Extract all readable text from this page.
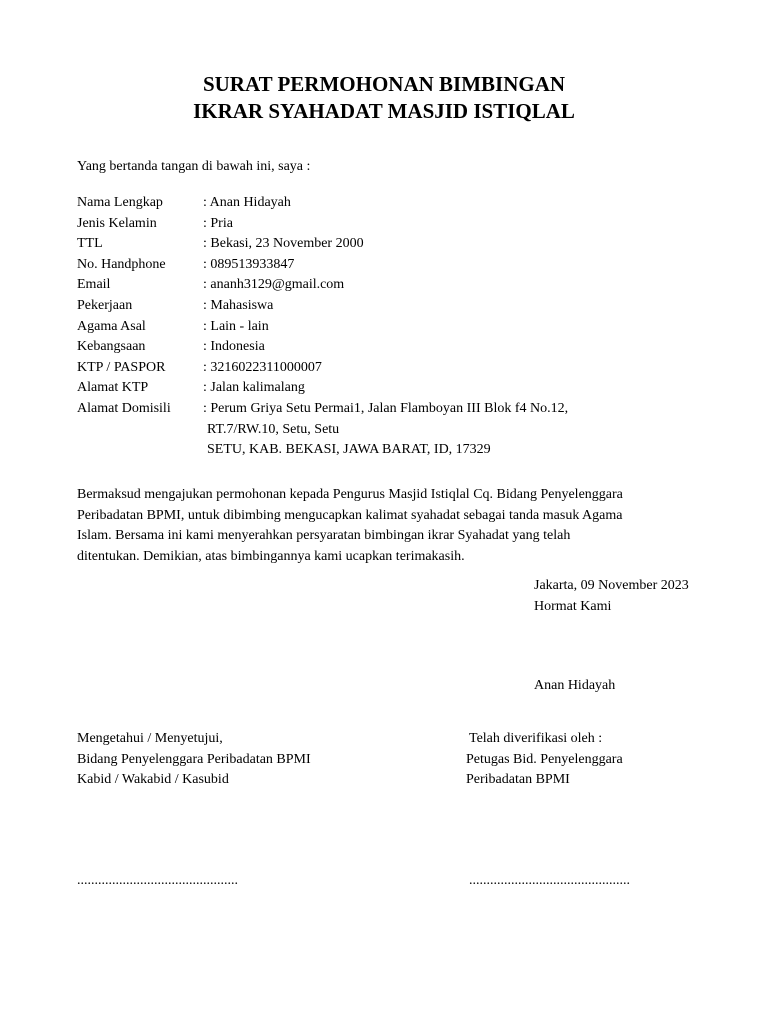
SURAT PERMOHONAN BIMBINGAN
IKRAR SYAHADAT MASJID ISTIQLAL

Yang bertanda tangan di bawah ini, saya :

Nama Lengkap	: Anan Hidayah
Jenis Kelamin	: Pria
TTL	: Bekasi, 23 November 2000
No. Handphone	: 089513933847
Email	: ananh3129@gmail.com
Pekerjaan	: Mahasiswa
Agama Asal	: Lain - lain
Kebangsaan	: Indonesia
KTP / PASPOR	: 3216022311000007
Alamat KTP	: Jalan kalimalang
Alamat Domisili	: Perum Griya Setu Permai1, Jalan Flamboyan III Blok f4 No.12,
RT.7/RW.10, Setu, Setu
SETU, KAB. BEKASI, JAWA BARAT, ID, 17329

Bermaksud mengajukan permohonan kepada Pengurus Masjid Istiqlal Cq. Bidang Penyelenggara
Peribadatan BPMI, untuk dibimbing mengucapkan kalimat syahadat sebagai tanda masuk Agama
Islam. Bersama ini kami menyerahkan persyaratan bimbingan ikrar Syahadat yang telah
ditentukan. Demikian, atas bimbingannya kami ucapkan terimakasih.

Jakarta, 09 November 2023
Hormat Kami
Anan Hidayah
Mengetahui / Menyetujui,
Bidang Penyelenggara Peribadatan BPMI
Kabid / Wakabid / Kasubid
Telah diverifikasi oleh :
Petugas Bid. Penyelenggara
Peribadatan BPMI
..............................................	..............................................
